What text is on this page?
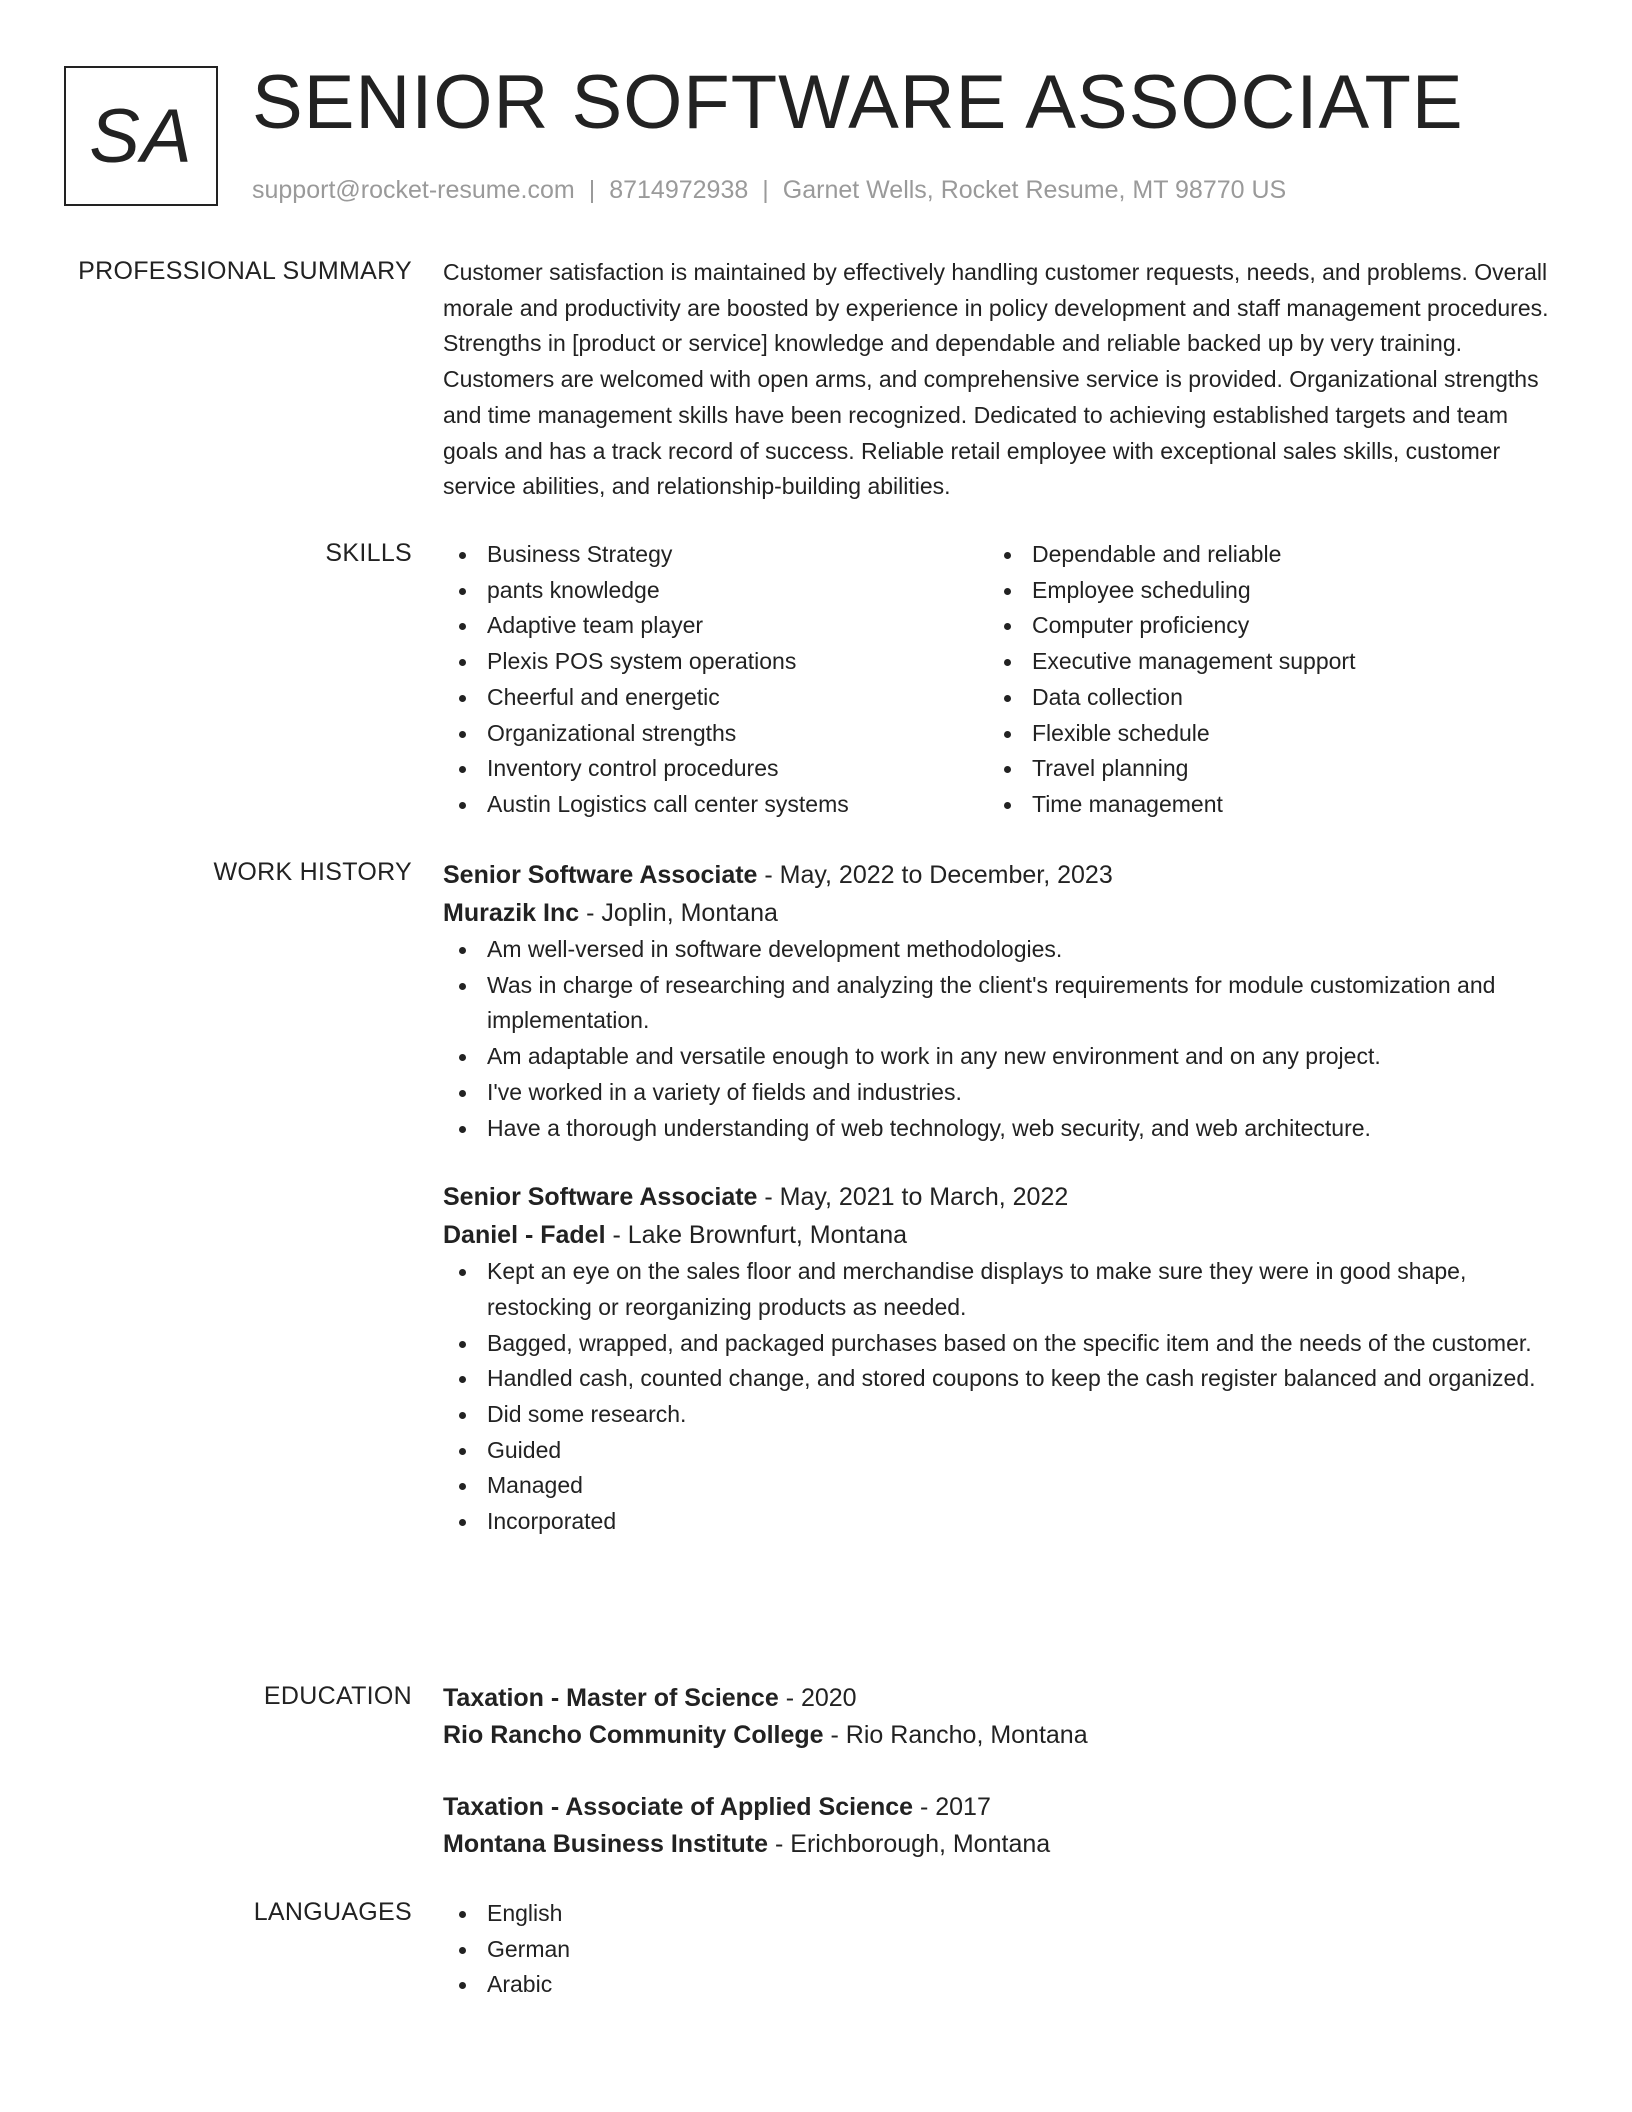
SA SENIOR SOFTWARE ASSOCIATE
support@rocket-resume.com | 8714972938 | Garnet Wells, Rocket Resume, MT 98770 US
PROFESSIONAL SUMMARY Customer satisfaction is maintained by effectively handling customer requests, needs, and problems. Overall morale and productivity are boosted by experience in policy development and staff management procedures. Strengths in [product or service] knowledge and dependable and reliable backed up by very training. Customers are welcomed with open arms, and comprehensive service is provided. Organizational strengths and time management skills have been recognized. Dedicated to achieving established targets and team goals and has a track record of success. Reliable retail employee with exceptional sales skills, customer service abilities, and relationship-building abilities.

SKILLS	Business Strategy
pants knowledge
Adaptive team player
Plexis POS system operations
Cheerful and energetic
Organizational strengths
Inventory control procedures
Austin Logistics call center systems
Dependable and reliable
Employee scheduling
Computer proficiency
Executive management support
Data collection
Flexible schedule
Travel planning
Time management
WORK HISTORY Senior Software Associate - May, 2022 to December, 2023
Murazik Inc - Joplin, Montana
Am well-versed in software development methodologies.
Was in charge of researching and analyzing the client's requirements for module customization and implementation.
Am adaptable and versatile enough to work in any new environment and on any project.
I've worked in a variety of fields and industries.
Have a thorough understanding of web technology, web security, and web architecture.
Senior Software Associate - May, 2021 to March, 2022
Daniel - Fadel - Lake Brownfurt, Montana
Kept an eye on the sales floor and merchandise displays to make sure they were in good shape, restocking or reorganizing products as needed.
Bagged, wrapped, and packaged purchases based on the specific item and the needs of the customer.
Handled cash, counted change, and stored coupons to keep the cash register balanced and organized.
Did some research.
Guided
Managed
Incorporated
EDUCATION Taxation - Master of Science - 2020
Rio Rancho Community College - Rio Rancho, Montana
Taxation - Associate of Applied Science - 2017
Montana Business Institute - Erichborough, Montana
LANGUAGES	English
German
Arabic
